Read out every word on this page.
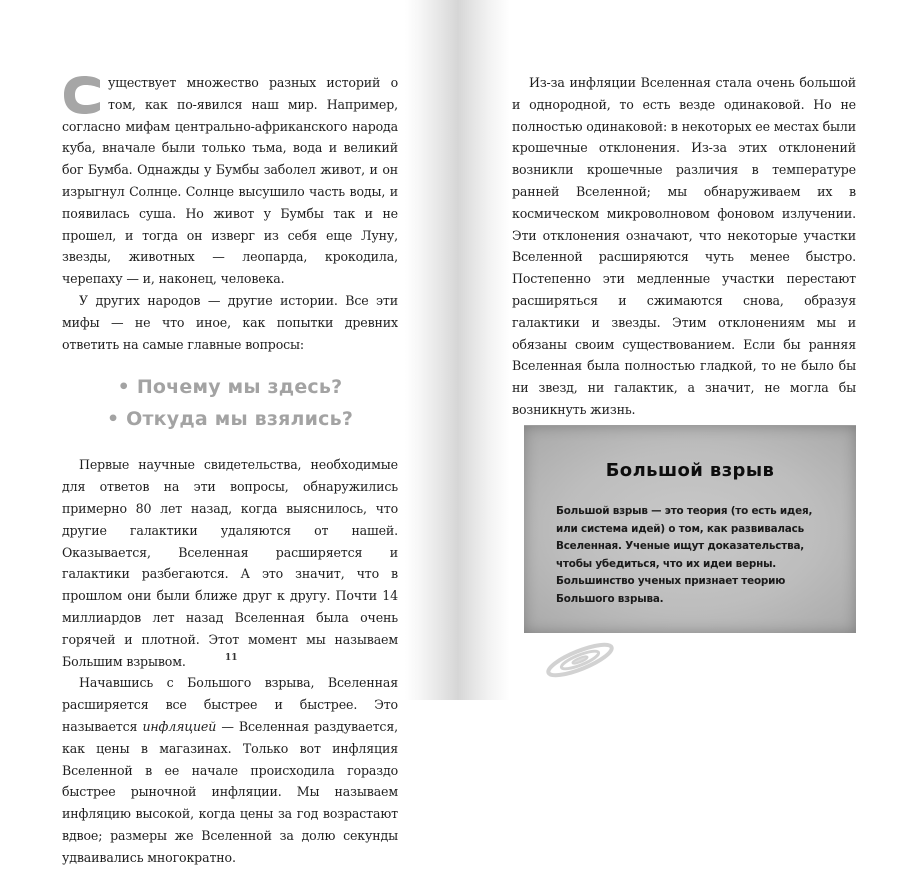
уществует множество разных историй о том, как по-явился наш мир. Например, согласно мифам центрально-африканского народа куба, вначале были только тьма, вода и великий бог Бумба. Однажды у Бумбы заболел живот, и он изрыгнул Солнце. Солнце высушило часть воды, и появилась суша. Но живот у Бумбы так и не прошел, и тогда он изверг из себя еще Луну, звезды, животных — леопарда, крокодила, черепаху — и, наконец, человека.

У других народов — другие истории. Все эти мифы — не что иное, как попытки древних ответить на самые главные вопросы:

• Почему мы здесь?
• Откуда мы взялись?

Первые научные свидетельства, необходимые для ответов на эти вопросы, обнаружились примерно 80 лет назад, когда выяснилось, что другие галактики удаляются от нашей. Оказывается, Вселенная расширяется и галактики разбегаются. А это значит, что в прошлом они были ближе друг к другу. Почти 14 миллиардов лет назад Вселенная была очень горячей и плотной. Этот момент мы называем Большим взрывом.

Начавшись с Большого взрыва, Вселенная расширяется все быстрее и быстрее. Это называется инфляцией — Вселенная раздувается, как цены в магазинах. Только вот инфляция Вселенной в ее начале происходила гораздо быстрее рыночной инфляции. Мы называем инфляцию высокой, когда цены за год возрастают вдвое; размеры же Вселенной за долю секунды удваивались многократно.

11

Из-за инфляции Вселенная стала очень большой и однородной, то есть везде одинаковой. Но не полностью одинаковой: в некоторых ее местах были крошечные отклонения. Из-за этих отклонений возникли крошечные различия в температуре ранней Вселенной; мы обнаруживаем их в космическом микроволновом фоновом излучении. Эти отклонения означают, что некоторые участки Вселенной расширяются чуть менее быстро. Постепенно эти медленные участки перестают расширяться и сжимаются снова, образуя галактики и звезды. Этим отклонениям мы и обязаны своим существованием. Если бы ранняя Вселенная была полностью гладкой, то не было бы ни звезд, ни галактик, а значит, не могла бы возникнуть жизнь.

Большой взрыв
Большой взрыв — это теория (то есть идея, или система идей) о том, как развивалась Вселенная. Ученые ищут доказательства, чтобы убедиться, что их идеи верны. Большинство ученых признает теорию Большого взрыва.
